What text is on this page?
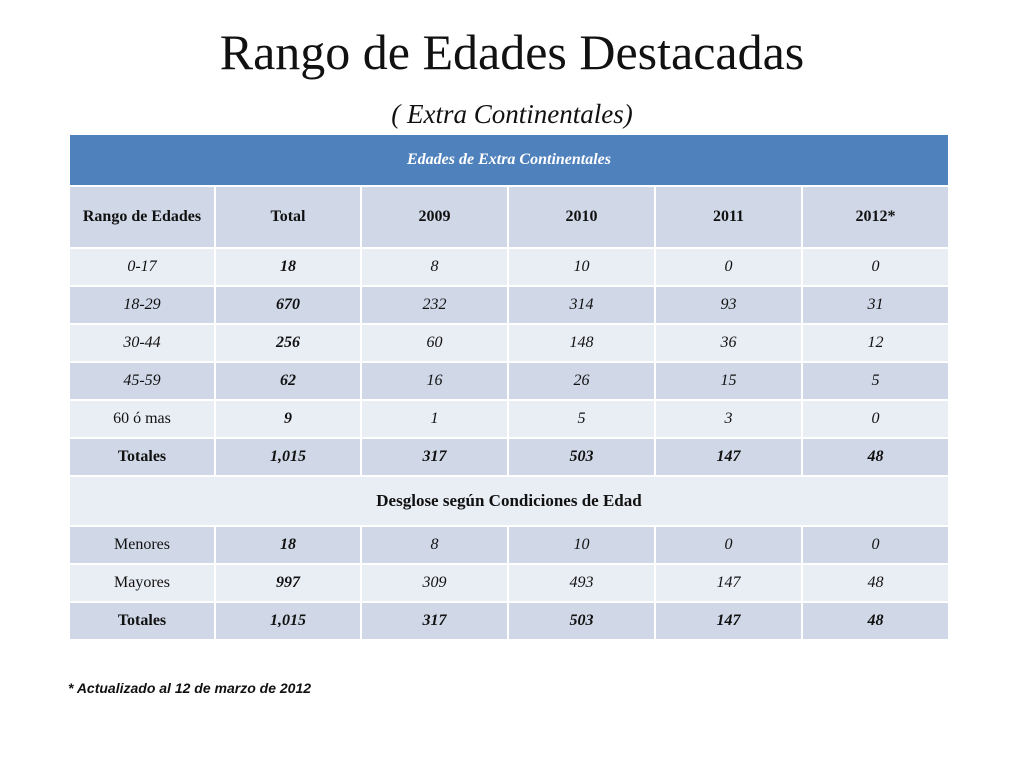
Rango de Edades Destacadas
( Extra Continentales)
Edades de Extra Continentales					
Rango de Edades	Total	2009	2010	2011	2012*
0-17	18	8	10	0	0
18-29	670	232	314	93	31
30-44	256	60	148	36	12
45-59	62	16	26	15	5
60 ó mas	9	1	5	3	0
Totales	1,015	317	503	147	48
Desglose según Condiciones de Edad					
Menores	18	8	10	0	0
Mayores	997	309	493	147	48
Totales	1,015	317	503	147	48
* Actualizado al 12 de marzo de 2012
